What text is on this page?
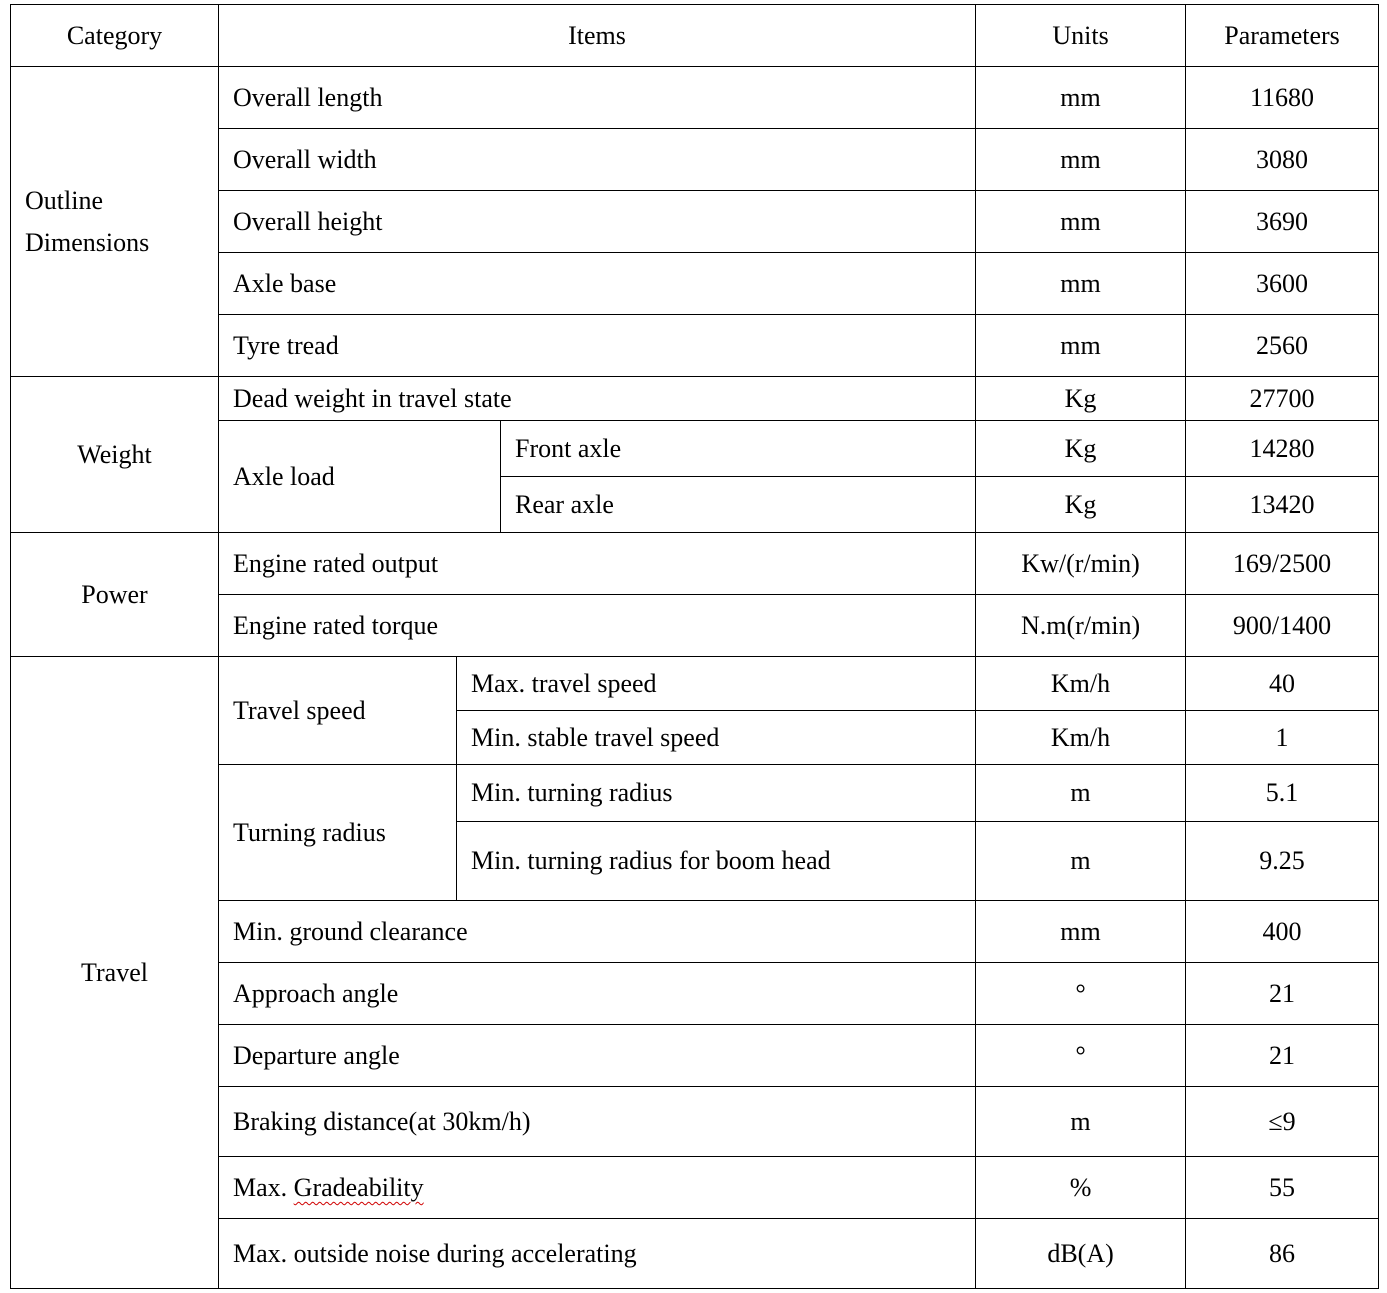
Category	Items			Units	Parameters

Outline
Dimensions	Overall length			mm	11680
	Overall width			mm	3080
	Overall height			mm	3690
	Axle base			mm	3600
	Tyre tread			mm	2560
Weight	Dead weight in travel state			Kg	27700
	Axle load		Front axle	Kg	14280
			Rear axle	Kg	13420
Power	Engine rated output			Kw/(r/min)	169/2500
	Engine rated torque			N.m(r/min)	900/1400
Travel	Travel speed	Max. travel speed		Km/h	40
		Min. stable travel speed		Km/h	1
	Turning radius	Min. turning radius		m	5.1
		Min. turning radius for boom head		m	9.25
	Min. ground clearance			mm	400
	Approach angle			°	21
	Departure angle			°	21
	Braking distance(at 30km/h)			m	≤9
	Max. Gradeability			%	55
	Max. outside noise during accelerating			dB(A)	86
